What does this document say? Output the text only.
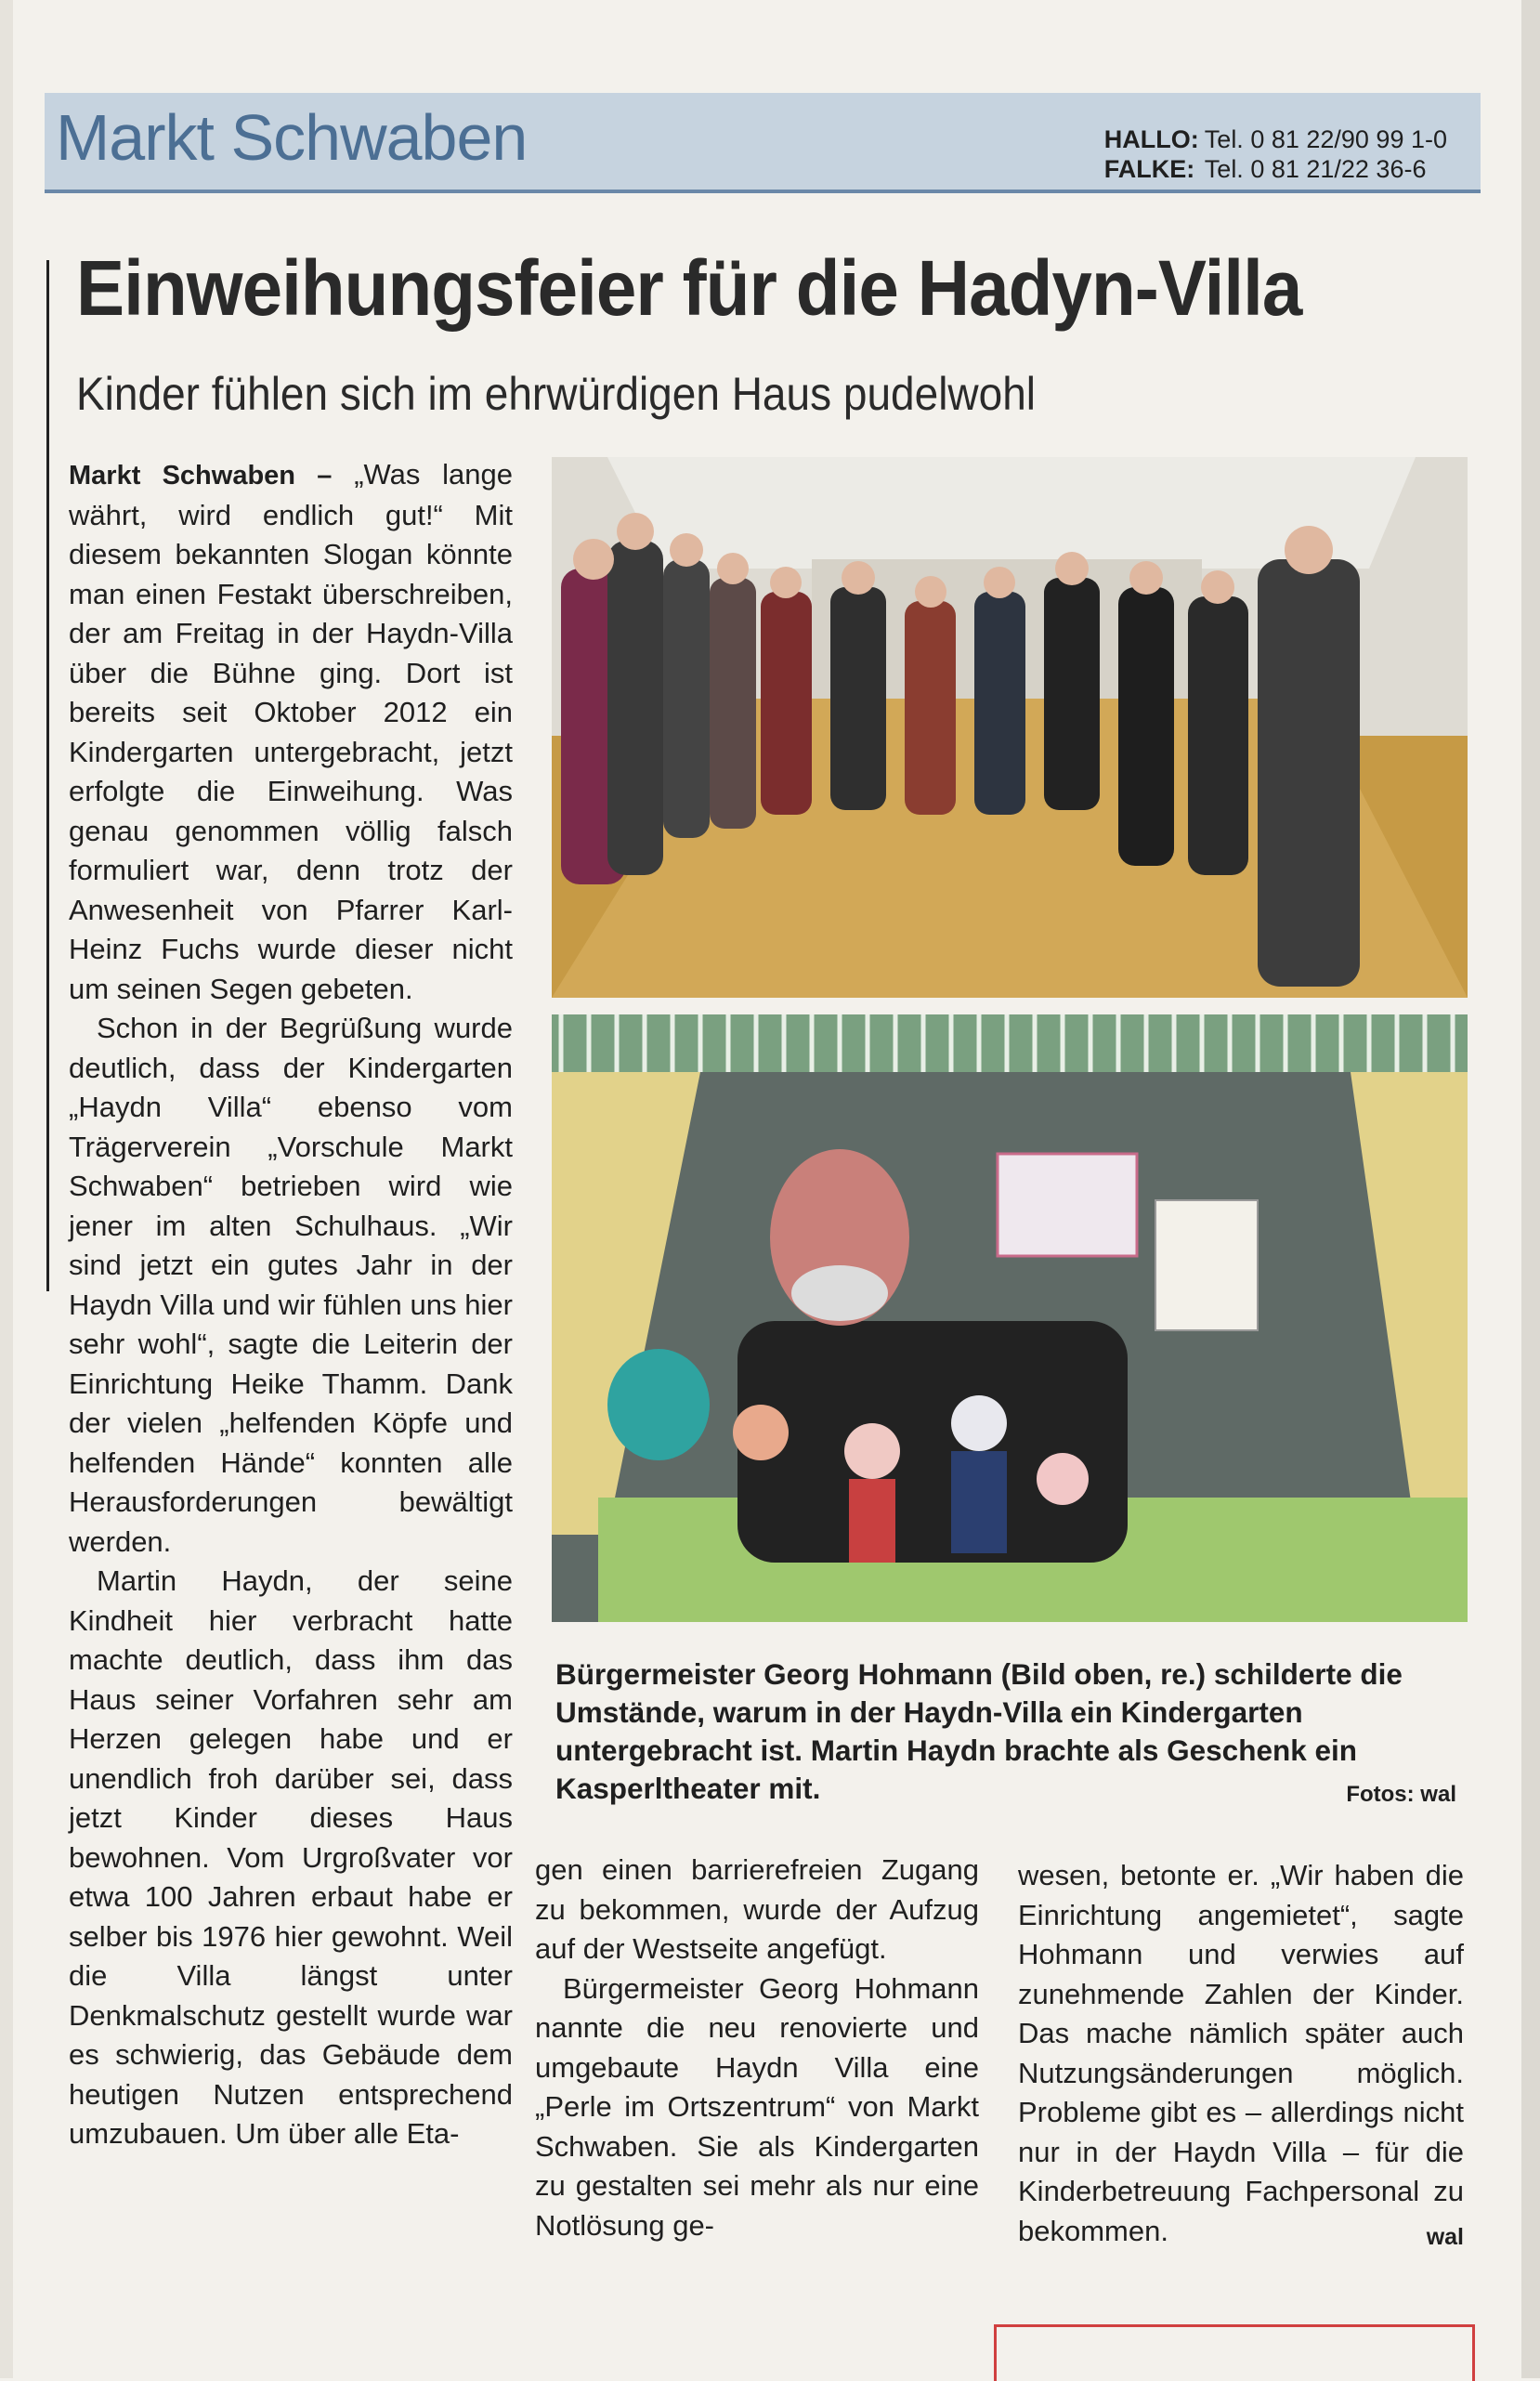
Markt Schwaben	HALLO: Tel. 0 81 22/90 99 1-0
FALKE: Tel. 0 81 21/22 36-6
Einweihungsfeier für die Hadyn-Villa
Kinder fühlen sich im ehrwürdigen Haus pudelwohl

Markt Schwaben – „Was lange währt, wird endlich gut!“ Mit diesem bekannten Slogan könnte man einen Festakt überschreiben, der am Freitag in der Haydn-Villa über die Bühne ging. Dort ist bereits seit Oktober 2012 ein Kindergarten untergebracht, jetzt erfolgte die Einweihung. Was genau genommen völlig falsch formuliert war, denn trotz der Anwesenheit von Pfarrer Karl-Heinz Fuchs wurde dieser nicht um seinen Segen gebeten.

Schon in der Begrüßung wurde deutlich, dass der Kindergarten „Haydn Villa“ ebenso vom Trägerverein „Vorschule Markt Schwaben“ betrieben wird wie jener im alten Schulhaus. „Wir sind jetzt ein gutes Jahr in der Haydn Villa und wir fühlen uns hier sehr wohl“, sagte die Leiterin der Einrichtung Heike Thamm. Dank der vielen „helfenden Köpfe und helfenden Hände“ konnten alle Herausforderungen bewältigt werden.

Martin Haydn, der seine Kindheit hier verbracht hatte machte deutlich, dass ihm das Haus seiner Vorfahren sehr am Herzen gelegen habe und er unendlich froh darüber sei, dass jetzt Kinder dieses Haus bewohnen. Vom Urgroßvater vor etwa 100 Jahren erbaut habe er selber bis 1976 hier gewohnt. Weil die Villa längst unter Denkmalschutz gestellt wurde war es schwierig, das Gebäude dem heutigen Nutzen entsprechend umzubauen. Um über alle Eta-

Bürgermeister Georg Hohmann (Bild oben, re.) schilderte die Umstände, warum in der Haydn-Villa ein Kindergarten untergebracht ist. Martin Haydn brachte als Geschenk ein Kasperltheater mit.	Fotos: wal

gen einen barrierefreien Zugang zu bekommen, wurde der Aufzug auf der Westseite angefügt.

Bürgermeister Georg Hohmann nannte die neu renovierte und umgebaute Haydn Villa eine „Perle im Ortszentrum“ von Markt Schwaben. Sie als Kindergarten zu gestalten sei mehr als nur eine Notlösung ge-

wesen, betonte er. „Wir haben die Einrichtung angemietet“, sagte Hohmann und verwies auf zunehmende Zahlen der Kinder. Das mache nämlich später auch Nutzungsänderungen möglich. Probleme gibt es – allerdings nicht nur in der Haydn Villa – für die Kinderbetreuung Fachpersonal zu bekommen.	wal
